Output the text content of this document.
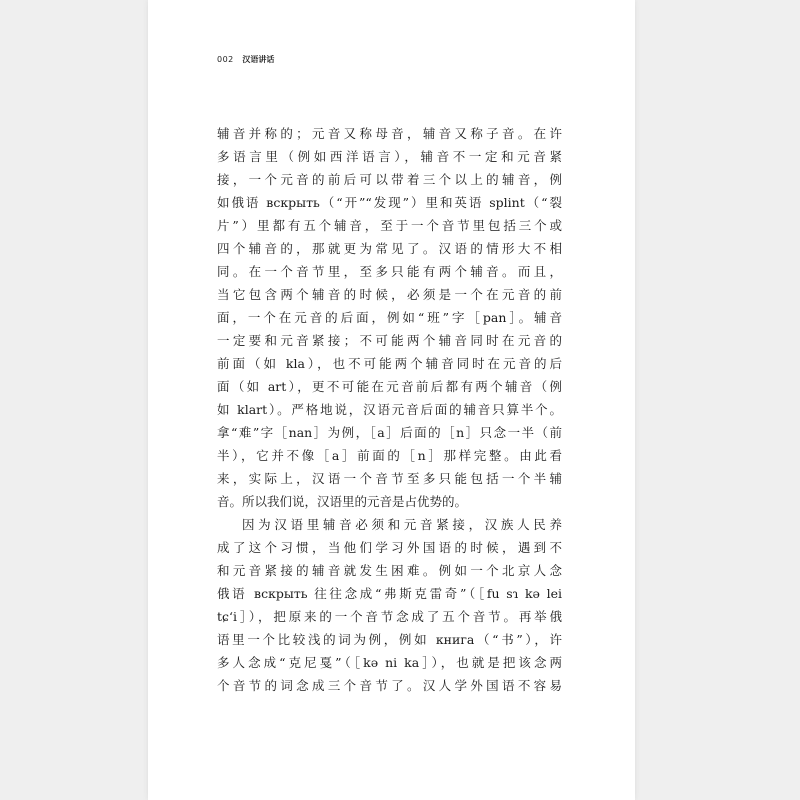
002 汉语讲话
辅音并称的；元音又称母音，辅音又称子音。在许
多语言里（例如西洋语言），辅音不一定和元音紧
接，一个元音的前后可以带着三个以上的辅音，例
如俄语 вскрыть（“开”“发现”）里和英语 splint（“裂
片”）里都有五个辅音，至于一个音节里包括三个或
四个辅音的，那就更为常见了。汉语的情形大不相
同。在一个音节里，至多只能有两个辅音。而且，
当它包含两个辅音的时候，必须是一个在元音的前
面，一个在元音的后面，例如“班”字［pan］。辅音
一定要和元音紧接；不可能两个辅音同时在元音的
前面（如 kla），也不可能两个辅音同时在元音的后
面（如 art），更不可能在元音前后都有两个辅音（例
如 klart）。严格地说，汉语元音后面的辅音只算半个。
拿“难”字［nan］为例，［a］后面的［n］只念一半（前
半），它并不像［a］前面的［n］那样完整。由此看
来，实际上，汉语一个音节至多只能包括一个半辅
音。所以我们说，汉语里的元音是占优势的。
因为汉语里辅音必须和元音紧接，汉族人民养
成了这个习惯，当他们学习外国语的时候，遇到不
和元音紧接的辅音就发生困难。例如一个北京人念
俄语 вскрыть 往往念成“弗斯克雷奇”（［fu sɿ kə lei
tɕʻi］），把原来的一个音节念成了五个音节。再举俄
语里一个比较浅的词为例，例如 книга（“书”），许
多人念成“克尼戛”（［kə ni ka］），也就是把该念两
个音节的词念成三个音节了。汉人学外国语不容易
